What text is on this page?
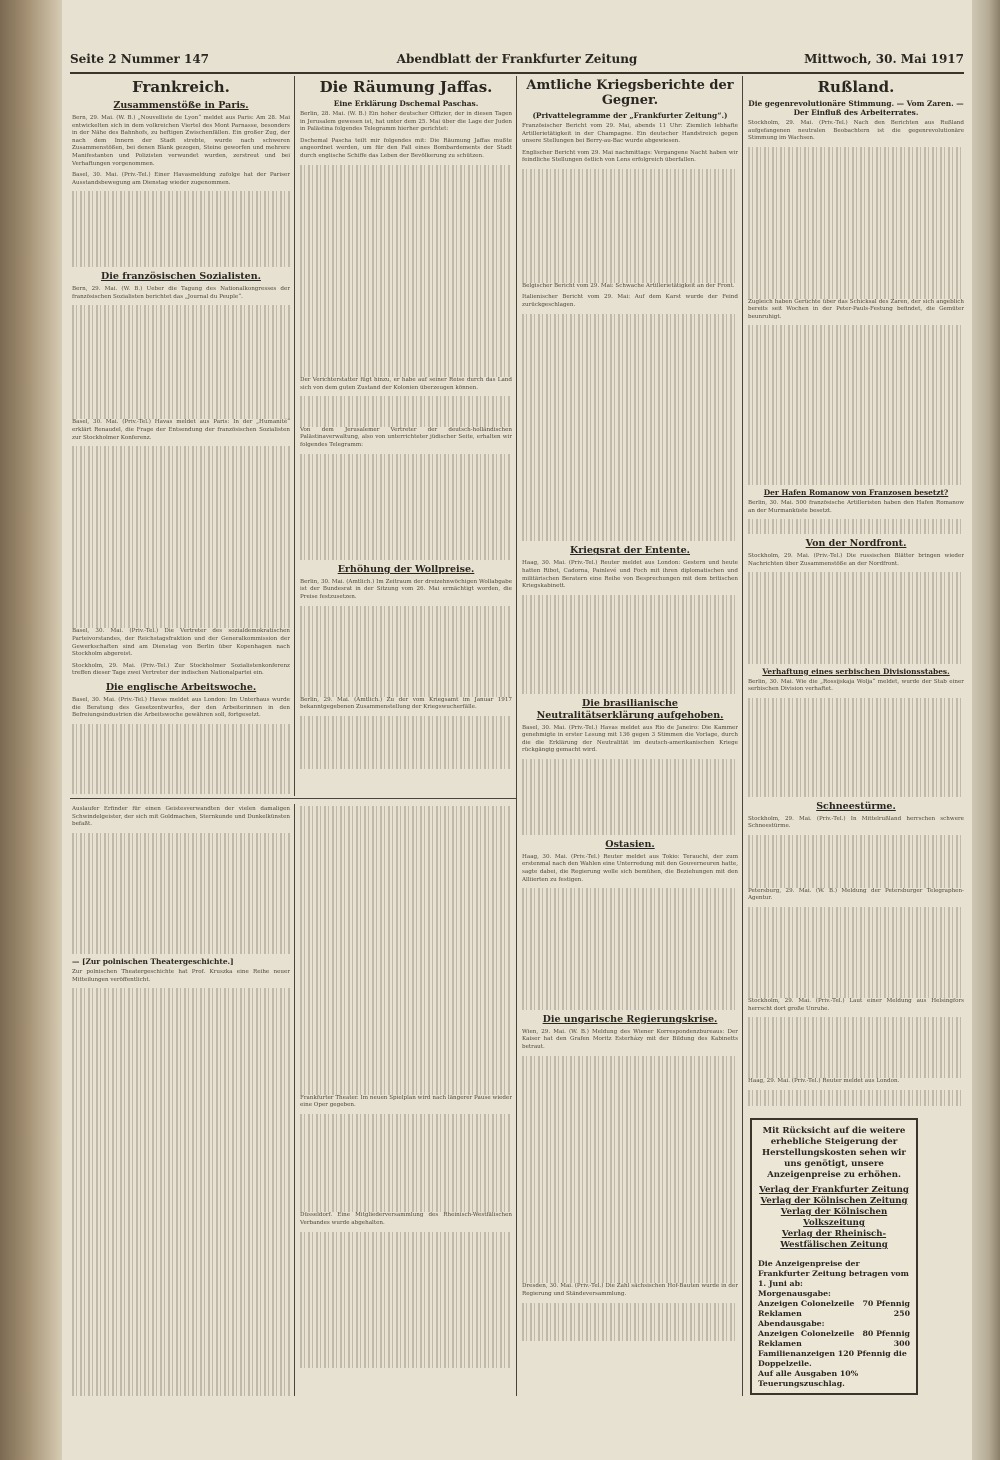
Seite 2 Nummer 147	Abendblatt der Frankfurter Zeitung	Mittwoch, 30. Mai 1917
Frankreich.
Zusammenstöße in Paris.

Bern, 29. Mai. (W. B.) „Nouvelliste de Lyon“ meldet aus Paris: Am 28. Mai entwickelten sich in dem volkreichen Viertel des Mont Parnasse, besonders in der Nähe des Bahnhofs, zu heftigen Zwischenfällen. Ein großer Zug, der nach dem Innern der Stadt strebte, wurde nach schweren Zusammenstößen, bei denen Blank gezogen, Steine geworfen und mehrere Manifestanten und Polizisten verwundet wurden, zerstreut und bei Verhaftungen vorgenommen.

Basel, 30. Mai. (Priv.-Tel.) Einer Havasmeldung zufolge hat der Pariser Ausstandsbewegung am Dienstag wieder zugenommen.

Die französischen Sozialisten.

Bern, 29. Mai. (W. B.) Ueber die Tagung des Nationalkongresses der französischen Sozialisten berichtet das „Journal du Peuple“.

Basel, 30. Mai. (Priv.-Tel.) Havas meldet aus Paris: In der „Humanité“ erklärt Renaudel, die Frage der Entsendung der französischen Sozialisten zur Stockholmer Konferenz.

Basel, 30. Mai. (Priv.-Tel.) Die Vertreter des sozialdemokratischen Parteivorstandes, der Reichstagsfraktion und der Generalkommission der Gewerkschaften sind am Dienstag von Berlin über Kopenhagen nach Stockholm abgereist.

Stockholm, 29. Mai. (Priv.-Tel.) Zur Stockholmer Sozialistenkonferenz treffen dieser Tage zwei Vertreter der indischen Nationalpartei ein.

Die englische Arbeitswoche.

Basel, 30. Mai. (Priv.-Tel.) Havas meldet aus London: Im Unterhaus wurde die Beratung des Gesetzentwurfes, der den Arbeiterinnen in den Befreiungsindustrien die Arbeitswoche gewähren soll, fortgesetzt.

Die Räumung Jaffas.
Eine Erklärung Dschemal Paschas.

Berlin, 28. Mai. (W. B.) Ein hoher deutscher Offizier, der in diesen Tagen in Jerusalem gewesen ist, hat unter dem 25. Mai über die Lage der Juden in Palästina folgendes Telegramm hierher gerichtet:

Dschemal Pascha teilt mir folgendes mit: Die Räumung Jaffas mußte angeordnet werden, um für den Fall eines Bombardements der Stadt durch englische Schiffe das Leben der Bevölkerung zu schützen.

Der Verichterstatter fügt hinzu, er habe auf seiner Reise durch das Land sich von dem guten Zustand der Kolonien überzeugen können.

Von dem Jerusalemer Vertreter der deutsch-holländischen Palästinaverwaltung, also von unterrichteter jüdischer Seite, erhalten wir folgendes Telegramm:

Erhöhung der Wollpreise.

Berlin, 30. Mai. (Amtlich.) Im Zeitraum der dreizehnwöchigen Wollabgabe ist der Bundesrat in der Sitzung vom 26. Mai ermächtigt worden, die Preise festzusetzen.

Berlin, 29. Mai. (Amtlich.) Zu der vom Kriegsamt im Januar 1917 bekanntgegebenen Zusammenstellung der Kriegswucherfälle.

Amtliche Kriegsberichte der Gegner.
(Privattelegramme der „Frankfurter Zeitung“.)

Französischer Bericht vom 29. Mai, abends 11 Uhr: Ziemlich lebhafte Artillerietätigkeit in der Champagne. Ein deutscher Handstreich gegen unsere Stellungen bei Berry-au-Bac wurde abgewiesen.

Englischer Bericht vom 29. Mai nachmittags: Vergangene Nacht haben wir feindliche Stellungen östlich von Lens erfolgreich überfallen.

Belgischer Bericht vom 29. Mai: Schwache Artillerietätigkeit an der Front.

Italienischer Bericht vom 29. Mai: Auf dem Karst wurde der Feind zurückgeschlagen.

Kriegsrat der Entente.

Haag, 30. Mai. (Priv.-Tel.) Reuter meldet aus London: Gestern und heute hatten Ribot, Cadorna, Painlevé und Foch mit ihren diplomatischen und militärischen Beratern eine Reihe von Besprechungen mit dem britischen Kriegskabinett.

Die brasilianische Neutralitätserklärung aufgehoben.

Basel, 30. Mai. (Priv.-Tel.) Havas meldet aus Rio de Janeiro: Die Kammer genehmigte in erster Lesung mit 136 gegen 3 Stimmen die Vorlage, durch die die Erklärung der Neutralität im deutsch-amerikanischen Kriege rückgängig gemacht wird.

Ostasien.

Haag, 30. Mai. (Priv.-Tel.) Reuter meldet aus Tokio: Terauchi, der zum erstenmal nach den Wahlen eine Unterredung mit den Gouverneuren hatte, sagte dabei, die Regierung wolle sich bemühen, die Beziehungen mit den Alliierten zu festigen.

Die ungarische Regierungskrise.

Wien, 29. Mai. (W. B.) Meldung des Wiener Korrespondenzbureaus: Der Kaiser hat den Grafen Moritz Esterházy mit der Bildung des Kabinetts betraut.

Dresden, 30. Mai. (Priv.-Tel.) Die Zahl sächsischen Hof-Bauten wurde in der Regierung und Ständeversammlung.

Rußland.
Die gegenrevolutionäre Stimmung. — Vom Zaren. — Der Einfluß des Arbeiterrates.

Stockholm, 29. Mai. (Priv.-Tel.) Nach den Berichten aus Rußland aufgefangenen neutralen Beobachtern ist die gegenrevolutionäre Stimmung im Wachsen.

Zugleich haben Gerüchte über das Schicksal des Zaren, der sich angeblich bereits seit Wochen in der Peter-Pauls-Festung befindet, die Gemüter beunruhigt.

Der Hafen Romanow von Franzosen besetzt?

Berlin, 30. Mai. 500 französische Artilleristen haben den Hafen Romanow an der Murmanküste besetzt.

Von der Nordfront.

Stockholm, 29. Mai. (Priv.-Tel.) Die russischen Blätter bringen wieder Nachrichten über Zusammenstöße an der Nordfront.

Verhaftung eines serbischen Divisionsstabes.

Berlin, 30. Mai. Wie die „Rossijskaja Wolja“ meldet, wurde der Stab einer serbischen Division verhaftet.

Schneestürme.

Stockholm, 29. Mai. (Priv.-Tel.) In Mittelrußland herrschen schwere Schneestürme.

Petersburg, 29. Mai. (W. B.) Meldung der Petersburger Telegraphen-Agentur.

Stockholm, 29. Mai. (Priv.-Tel.) Laut einer Meldung aus Helsingfors herrscht dort große Unruhe.

Haag, 29. Mai. (Priv.-Tel.) Reuter meldet aus London.

Auslaufer Erfinder für einen Geistesverwandten der vielen damaligen Schwindelgeister, der sich mit Goldmachen, Sternkunde und Dunkelkünsten befaßt.

— [Zur polnischen Theatergeschichte.]

Zur polnischen Theatergeschichte hat Prof. Kruszka eine Reihe neuer Mitteilungen veröffentlicht.

Frankfurter Theater. Im neuen Spielplan wird nach längerer Pause wieder eine Oper gegeben.

Düsseldorf. Eine Mitgliederversammlung des Rheinisch-Westfälischen Verbandes wurde abgehalten.

Mit Rücksicht auf die weitere erhebliche Steigerung der Herstellungskosten sehen wir uns genötigt, unsere Anzeigenpreise zu erhöhen.
Verlag der Frankfurter Zeitung
Verlag der Kölnischen Zeitung
Verlag der Kölnischen Volkszeitung
Verlag der Rheinisch-Westfälischen Zeitung
Die Anzeigenpreise der Frankfurter Zeitung betragen vom 1. Juni ab:
Morgenausgabe:
Anzeigen Colonelzeile 70 Pfennig
Reklamen	250
Abendausgabe:
Anzeigen Colonelzeile 80 Pfennig
Reklamen	300
Familienanzeigen 120 Pfennig die Doppelzeile.
Auf alle Ausgaben 10% Teuerungszuschlag.
